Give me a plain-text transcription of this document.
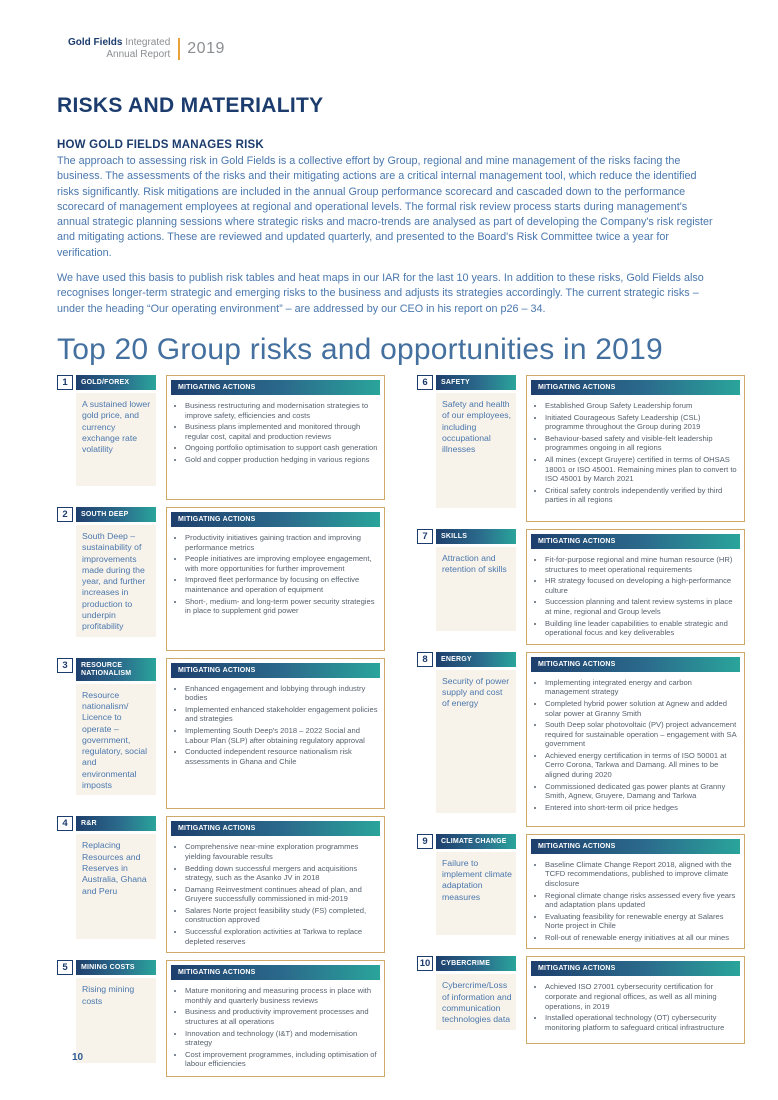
Gold Fields Integrated
Annual Report 2019
RISKS AND MATERIALITY
HOW GOLD FIELDS MANAGES RISK
The approach to assessing risk in Gold Fields is a collective effort by Group, regional and mine management of the risks facing the business. The assessments of the risks and their mitigating actions are a critical internal management tool, which reduce the identified risks significantly. Risk mitigations are included in the annual Group performance scorecard and cascaded down to the performance scorecard of management employees at regional and operational levels. The formal risk review process starts during management's annual strategic planning sessions where strategic risks and macro-trends are analysed as part of developing the Company's risk register and mitigating actions. These are reviewed and updated quarterly, and presented to the Board's Risk Committee twice a year for verification.
We have used this basis to publish risk tables and heat maps in our IAR for the last 10 years. In addition to these risks, Gold Fields also recognises longer-term strategic and emerging risks to the business and adjusts its strategies accordingly. The current strategic risks – under the heading “Our operating environment” – are addressed by our CEO in his report on p26 – 34.
Top 20 Group risks and opportunities in 2019
1	GOLD/FOREX
A sustained lower gold price, and currency exchange rate volatility
MITIGATING ACTIONS
• Business restructuring and modernisation strategies to improve safety, efficiencies and costs
• Business plans implemented and monitored through regular cost, capital and production reviews
• Ongoing portfolio optimisation to support cash generation
• Gold and copper production hedging in various regions
2	SOUTH DEEP
South Deep – sustainability of improvements made during the year, and further increases in production to underpin profitability
MITIGATING ACTIONS
• Productivity initiatives gaining traction and improving performance metrics
• People initiatives are improving employee engagement, with more opportunities for further improvement
• Improved fleet performance by focusing on effective maintenance and operation of equipment
• Short-, medium- and long-term power security strategies in place to supplement grid power
3	RESOURCE NATIONALISM
Resource nationalism/ Licence to operate – government, regulatory, social and environmental imposts
MITIGATING ACTIONS
• Enhanced engagement and lobbying through industry bodies
• Implemented enhanced stakeholder engagement policies and strategies
• Implementing South Deep's 2018 – 2022 Social and Labour Plan (SLP) after obtaining regulatory approval
• Conducted independent resource nationalism risk assessments in Ghana and Chile
4	R&R
Replacing Resources and Reserves in Australia, Ghana and Peru
MITIGATING ACTIONS
• Comprehensive near-mine exploration programmes yielding favourable results
• Bedding down successful mergers and acquisitions strategy, such as the Asanko JV in 2018
• Damang Reinvestment continues ahead of plan, and Gruyere successfully commissioned in mid-2019
• Salares Norte project feasibility study (FS) completed, construction approved
• Successful exploration activities at Tarkwa to replace depleted reserves
5	MINING COSTS
Rising mining costs
MITIGATING ACTIONS
• Mature monitoring and measuring process in place with monthly and quarterly business reviews
• Business and productivity improvement processes and structures at all operations
• Innovation and technology (I&T) and modernisation strategy
• Cost improvement programmes, including optimisation of labour efficiencies
6	SAFETY
Safety and health of our employees, including occupational illnesses
MITIGATING ACTIONS
• Established Group Safety Leadership forum
• Initiated Courageous Safety Leadership (CSL) programme throughout the Group during 2019
• Behaviour-based safety and visible-felt leadership programmes ongoing in all regions
• All mines (except Gruyere) certified in terms of OHSAS 18001 or ISO 45001. Remaining mines plan to convert to ISO 45001 by March 2021
• Critical safety controls independently verified by third parties in all regions
7	SKILLS
Attraction and retention of skills
MITIGATING ACTIONS
• Fit-for-purpose regional and mine human resource (HR) structures to meet operational requirements
• HR strategy focused on developing a high-performance culture
• Succession planning and talent review systems in place at mine, regional and Group levels
• Building line leader capabilities to enable strategic and operational focus and key deliverables
8	ENERGY
Security of power supply and cost of energy
MITIGATING ACTIONS
• Implementing integrated energy and carbon management strategy
• Completed hybrid power solution at Agnew and added solar power at Granny Smith
• South Deep solar photovoltaic (PV) project advancement required for sustainable operation – engagement with SA government
• Achieved energy certification in terms of ISO 50001 at Cerro Corona, Tarkwa and Damang. All mines to be aligned during 2020
• Commissioned dedicated gas power plants at Granny Smith, Agnew, Gruyere, Damang and Tarkwa
• Entered into short-term oil price hedges
9	CLIMATE CHANGE
Failure to implement climate adaptation measures
MITIGATING ACTIONS
• Baseline Climate Change Report 2018, aligned with the TCFD recommendations, published to improve climate disclosure
• Regional climate change risks assessed every five years and adaptation plans updated
• Evaluating feasibility for renewable energy at Salares Norte project in Chile
• Roll-out of renewable energy initiatives at all our mines
10	CYBERCRIME
Cybercrime/Loss of information and communication technologies data
MITIGATING ACTIONS
• Achieved ISO 27001 cybersecurity certification for corporate and regional offices, as well as all mining operations, in 2019
• Installed operational technology (OT) cybersecurity monitoring platform to safeguard critical infrastructure
10
